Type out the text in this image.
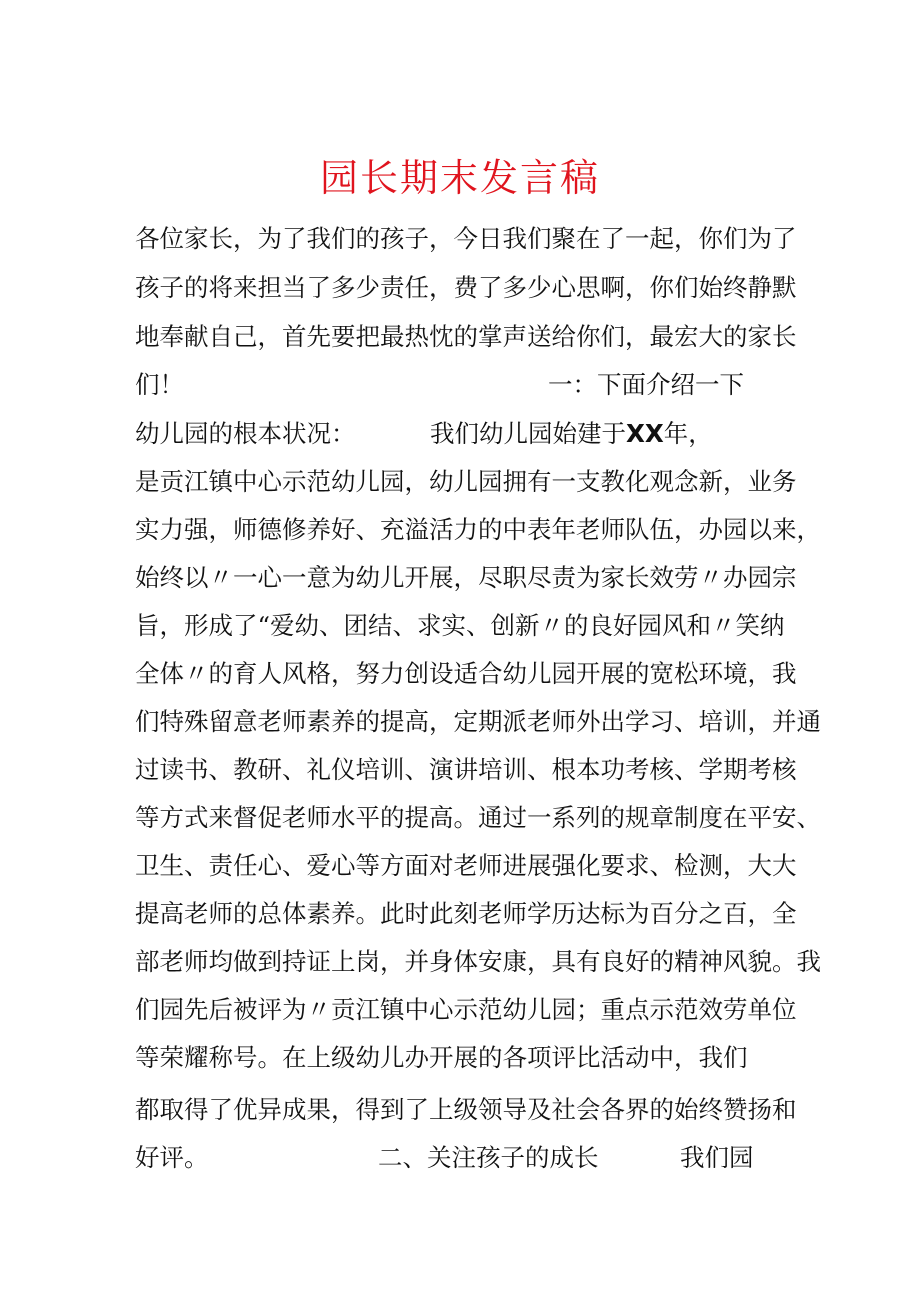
园长期末发言稿
各位家长，为了我们的孩子，今日我们聚在了一起，你们为了
孩子的将来担当了多少责任，费了多少心思啊，你们始终静默
地奉献自己，首先要把最热忱的掌声送给你们，最宏大的家长
们！	一：下面介绍一下
幼儿园的根本状况：	我们幼儿园始建于XX年，
是贡江镇中心示范幼儿园，幼儿园拥有一支教化观念新，业务
实力强，师德修养好、充溢活力的中表年老师队伍，办园以来，
始终以〃一心一意为幼儿开展，尽职尽责为家长效劳〃办园宗
旨，形成了“爱幼、团结、求实、创新〃的良好园风和〃笑纳
全体〃的育人风格，努力创设适合幼儿园开展的宽松环境，我
们特殊留意老师素养的提高，定期派老师外出学习、培训，并通
过读书、教研、礼仪培训、演讲培训、根本功考核、学期考核
等方式来督促老师水平的提高。通过一系列的规章制度在平安、
卫生、责任心、爱心等方面对老师进展强化要求、检测，大大
提高老师的总体素养。此时此刻老师学历达标为百分之百，全
部老师均做到持证上岗，并身体安康，具有良好的精神风貌。我
们园先后被评为〃贡江镇中心示范幼儿园；重点示范效劳单位
等荣耀称号。在上级幼儿办开展的各项评比活动中，我们
都取得了优异成果，得到了上级领导及社会各界的始终赞扬和
好评。	二、关注孩子的成长	我们园
